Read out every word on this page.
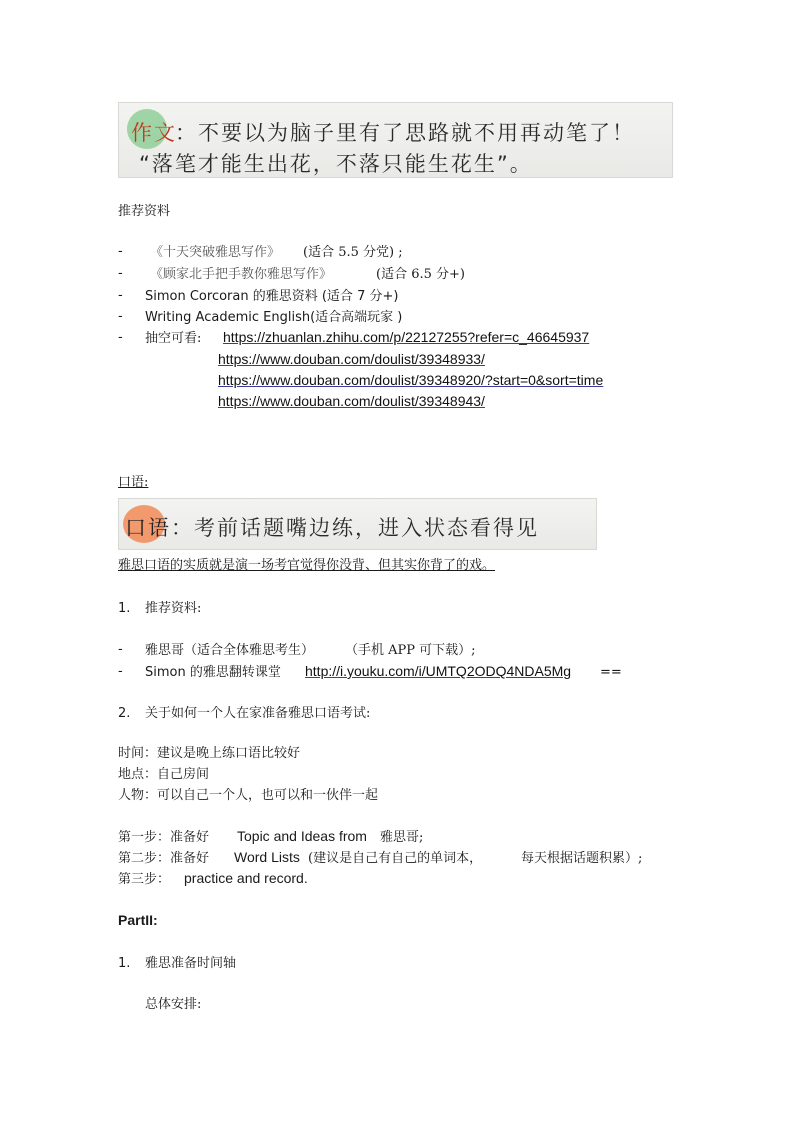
作文
：不要以为脑子里有了思路就不用再动笔了！
“落笔才能生出花，不落只能生花生”。
推荐资料
- 《十天突破雅思写作》 (适合 5.5 分党) ;
- 《顾家北手把手教你雅思写作》	(适合 6.5 分+)
- Simon Corcoran 的雅思资料 (适合 7 分+)
- Writing Academic English(适合高端玩家 )
- 抽空可看: https://zhuanlan.zhihu.com/p/22127255?refer=c_46645937
https://www.douban.com/doulist/39348933/
https://www.douban.com/doulist/39348920/?start=0&sort=time
https://www.douban.com/doulist/39348943/
口语:
口语 ：考前话题嘴边练，进入状态看得见
雅思口语的实质就是演一场考官觉得你没背、但其实你背了的戏。
1. 推荐资料:
- 雅思哥（适合全体雅思考生） （手机 APP 可下载）;
- Simon 的雅思翻转课堂 http://i.youku.com/i/UMTQ2ODQ4NDA5Mg ==
2. 关于如何一个人在家准备雅思口语考试:
时间：建议是晚上练口语比较好
地点：自己房间
人物：可以自己一个人，也可以和一伙伴一起
第一步：准备好 Topic and Ideas from 雅思哥;
第二步：准备好 Word Lists (建议是自己有自己的单词本，	每天根据话题积累）;
第三步： practice and record.
PartII:
1. 雅思准备时间轴
总体安排:
